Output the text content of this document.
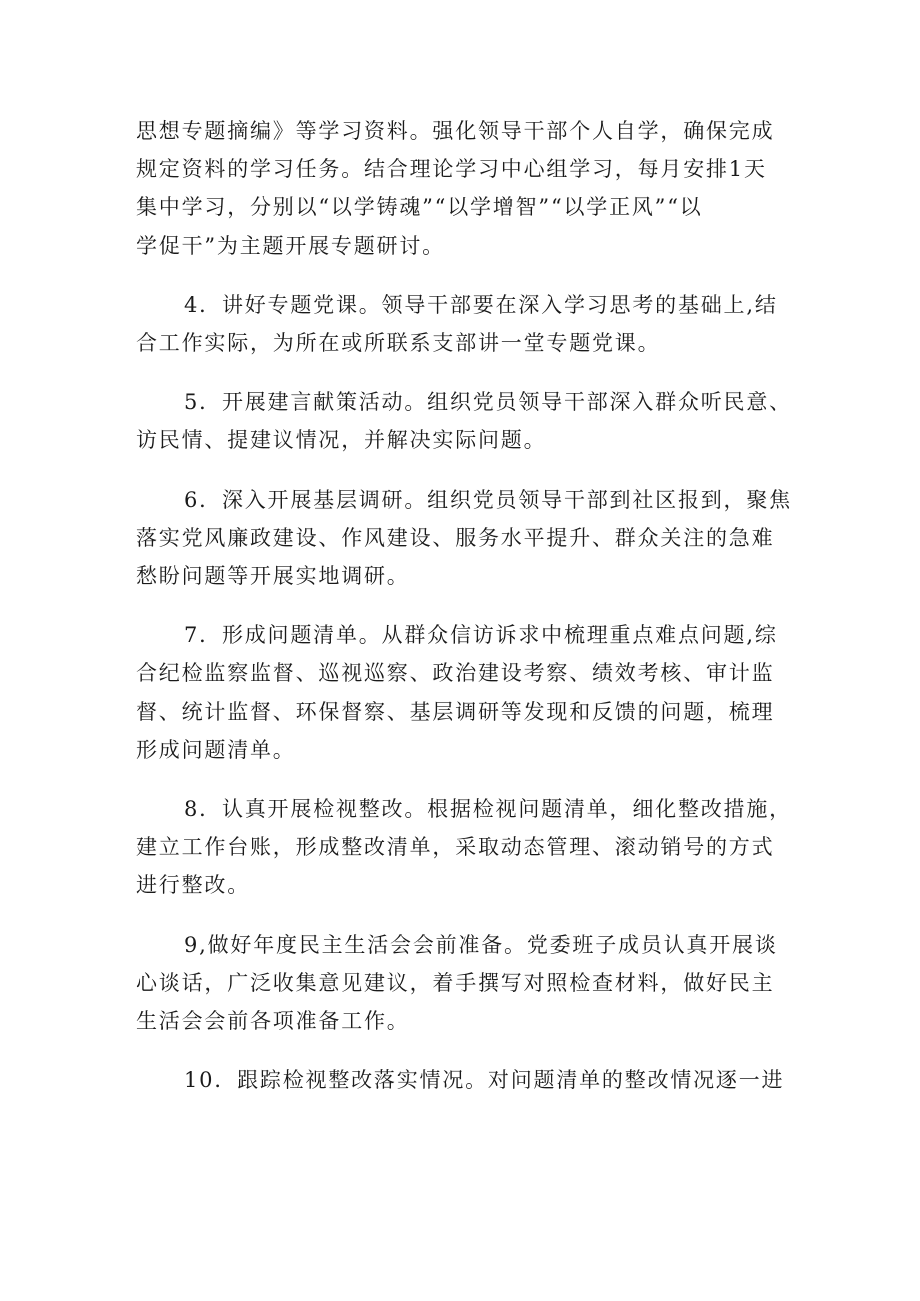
思想专题摘编》等学习资料。强化领导干部个人自学，确保完成
规定资料的学习任务。结合理论学习中心组学习，每月安排1天
集中学习，分别以“以学铸魂”“以学增智”“以学正风”“以
学促干”为主题开展专题研讨。

4．讲好专题党课。领导干部要在深入学习思考的基础上,结
合工作实际，为所在或所联系支部讲一堂专题党课。

5．开展建言献策活动。组织党员领导干部深入群众听民意、
访民情、提建议情况，并解决实际问题。

6．深入开展基层调研。组织党员领导干部到社区报到，聚焦
落实党风廉政建设、作风建设、服务水平提升、群众关注的急难
愁盼问题等开展实地调研。

7．形成问题清单。从群众信访诉求中梳理重点难点问题,综
合纪检监察监督、巡视巡察、政治建设考察、绩效考核、审计监
督、统计监督、环保督察、基层调研等发现和反馈的问题，梳理
形成问题清单。

8．认真开展检视整改。根据检视问题清单，细化整改措施，
建立工作台账，形成整改清单，采取动态管理、滚动销号的方式
进行整改。

9,做好年度民主生活会会前准备。党委班子成员认真开展谈
心谈话，广泛收集意见建议，着手撰写对照检查材料，做好民主
生活会会前各项准备工作。

10．跟踪检视整改落实情况。对问题清单的整改情况逐一进
